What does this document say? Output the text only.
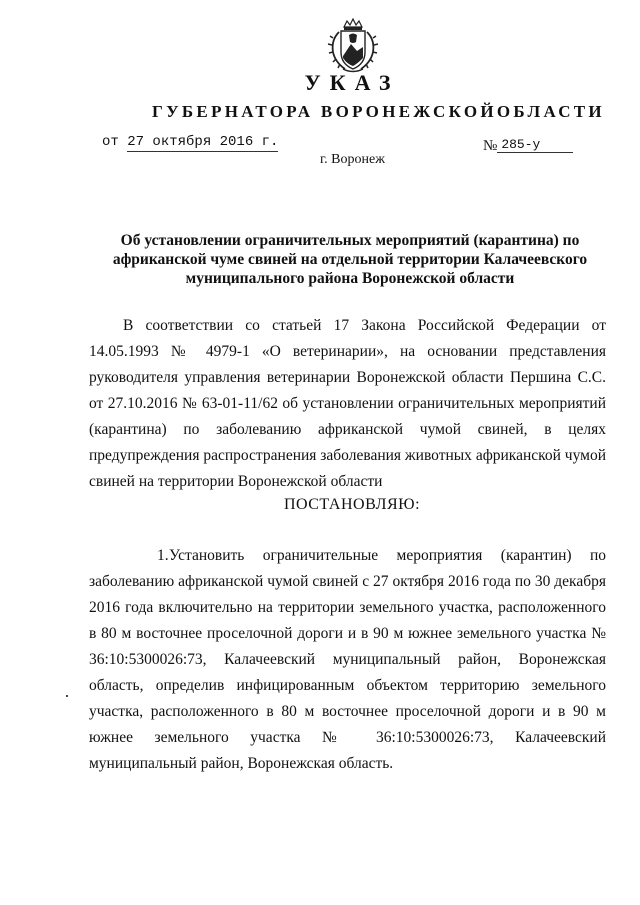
УКАЗ
ГУБЕРНАТОРА ВОРОНЕЖСКОЙОБЛАСТИ
от 27 октября 2016 г.	№ 285-у
г. Воронеж
Об установлении ограничительных мероприятий (карантина) по африканской чуме свиней на отдельной территории Калачеевского муниципального района Воронежской области
В соответствии со статьей 17 Закона Российской Федерации от 14.05.1993 № 4979-1 «О ветеринарии», на основании представления руководителя управления ветеринарии Воронежской области Першина С.С. от 27.10.2016 № 63-01-11/62 об установлении ограничительных мероприятий (карантина) по заболеванию африканской чумой свиней, в целях предупреждения распространения заболевания животных африканской чумой свиней на территории Воронежской области
ПОСТАНОВЛЯЮ:
1.Установить ограничительные мероприятия (карантин) по заболеванию африканской чумой свиней с 27 октября 2016 года по 30 декабря 2016 года включительно на территории земельного участка, расположенного в 80 м восточнее проселочной дороги и в 90 м южнее земельного участка № 36:10:5300026:73, Калачеевский муниципальный район, Воронежская область, определив инфицированным объектом территорию земельного участка, расположенного в 80 м восточнее проселочной дороги и в 90 м южнее земельного участка № 36:10:5300026:73, Калачеевский муниципальный район, Воронежская область.
